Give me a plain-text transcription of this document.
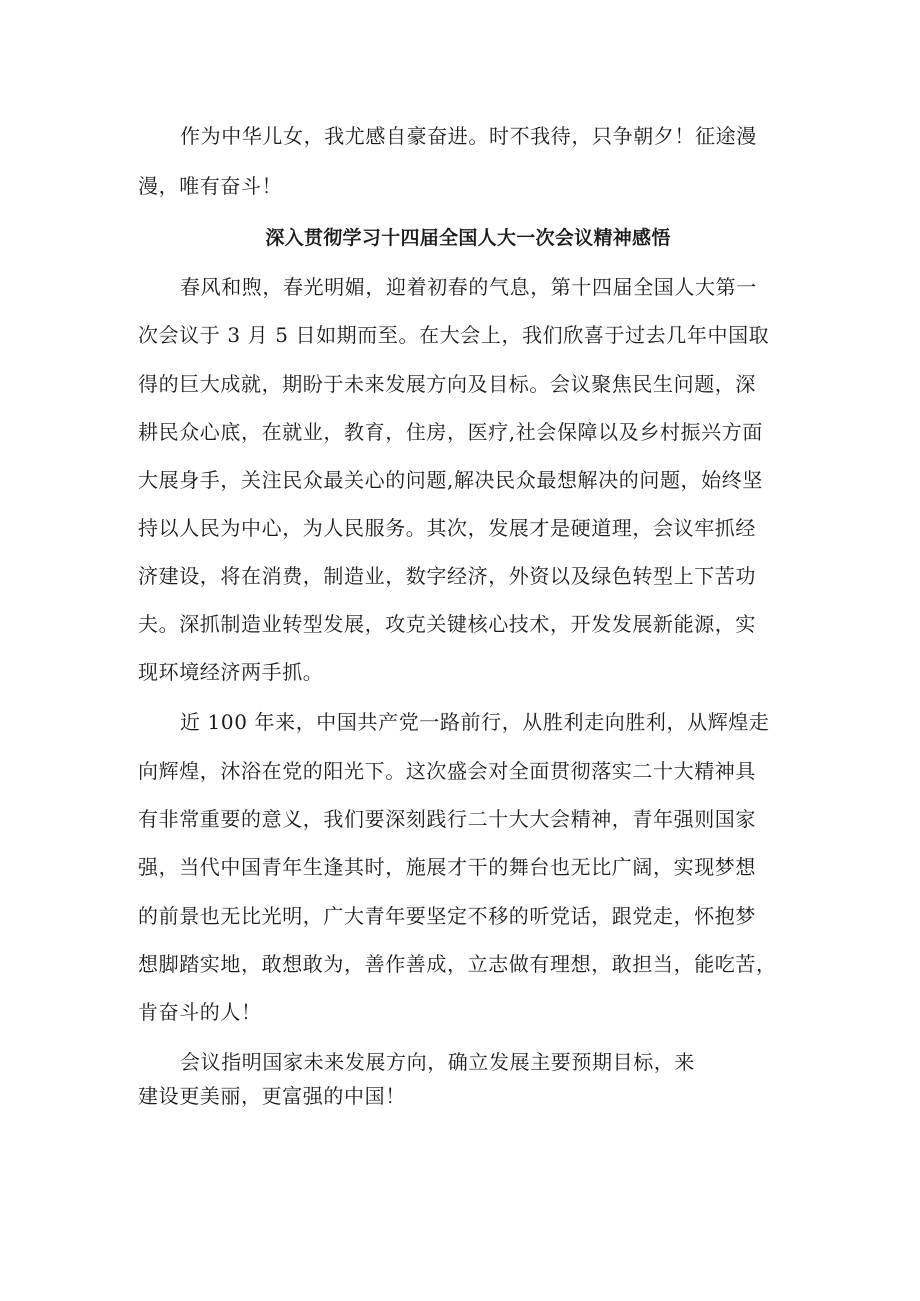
作为中华儿女，我尤感自豪奋进。时不我待，只争朝夕！征途漫
漫，唯有奋斗！
深入贯彻学习十四届全国人大一次会议精神感悟
春风和煦，春光明媚，迎着初春的气息，第十四届全国人大第一
次会议于 3 月 5 日如期而至。在大会上，我们欣喜于过去几年中国取
得的巨大成就，期盼于未来发展方向及目标。会议聚焦民生问题，深
耕民众心底，在就业，教育，住房，医疗,社会保障以及乡村振兴方面
大展身手，关注民众最关心的问题,解决民众最想解决的问题，始终坚
持以人民为中心，为人民服务。其次，发展才是硬道理，会议牢抓经
济建设，将在消费，制造业，数字经济，外资以及绿色转型上下苦功
夫。深抓制造业转型发展，攻克关键核心技术，开发发展新能源，实
现环境经济两手抓。
近 100 年来，中国共产党一路前行，从胜利走向胜利，从辉煌走
向辉煌，沐浴在党的阳光下。这次盛会对全面贯彻落实二十大精神具
有非常重要的意义，我们要深刻践行二十大大会精神，青年强则国家
强，当代中国青年生逢其时，施展才干的舞台也无比广阔，实现梦想
的前景也无比光明，广大青年要坚定不移的听党话，跟党走，怀抱梦
想脚踏实地，敢想敢为，善作善成，立志做有理想，敢担当，能吃苦，
肯奋斗的人！
会议指明国家未来发展方向，确立发展主要预期目标，来
建设更美丽，更富强的中国！
